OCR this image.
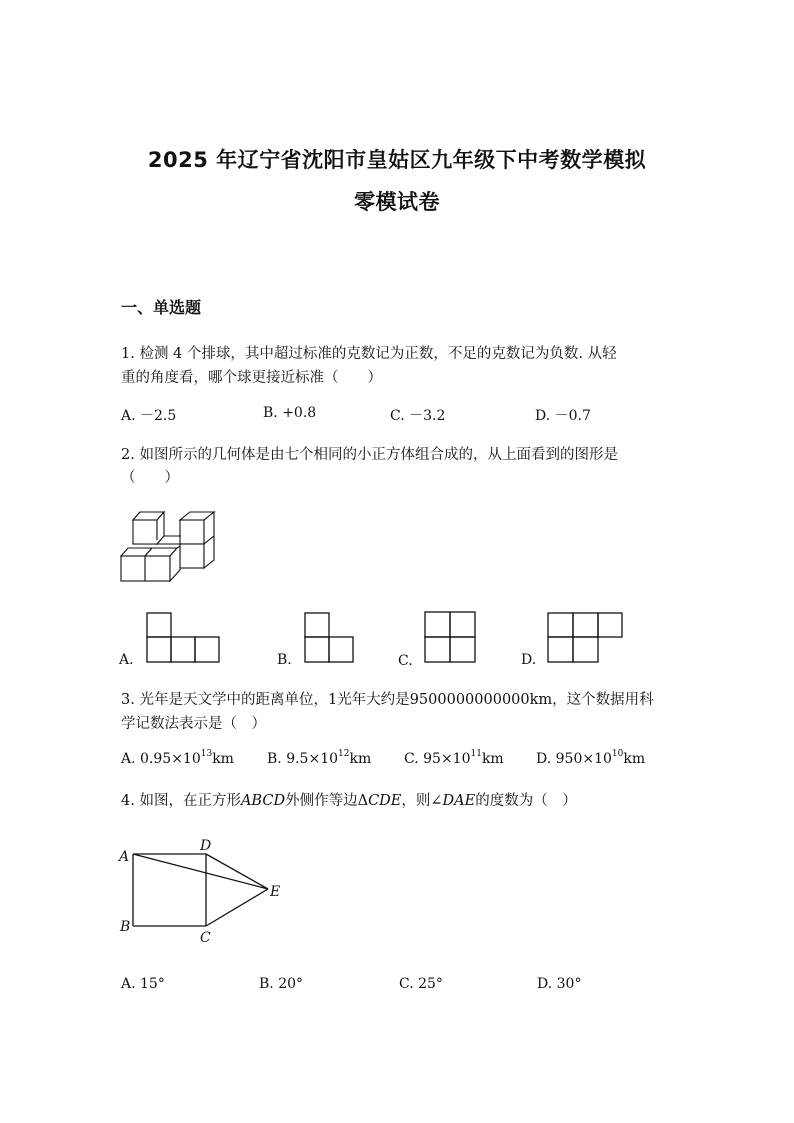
2025 年辽宁省沈阳市皇姑区九年级下中考数学模拟
零模试卷
一、单选题
1. 检测 4 个排球，其中超过标准的克数记为正数，不足的克数记为负数. 从轻
重的角度看，哪个球更接近标准（　　）
A. －2.5	B. +0.8	C. －3.2	D. －0.7
2. 如图所示的几何体是由七个相同的小正方体组合成的，从上面看到的图形是
（　　）
A.	B.	C.	D.
3. 光年是天文学中的距离单位，1光年大约是9500000000000km，这个数据用科
学记数法表示是（　）
A. $0.95\times 10^{13}km$ B. $9.5\times 10^{12}km$ C. $95\times 10^{11}km$ D. $950\times 10^{10}km$
4. 如图，在正方形ABCD外侧作等边ΔCDE，则∠DAE的度数为（　）
A
D
E
B
C
A. 15°	B. 20°	C. 25°	D. 30°
